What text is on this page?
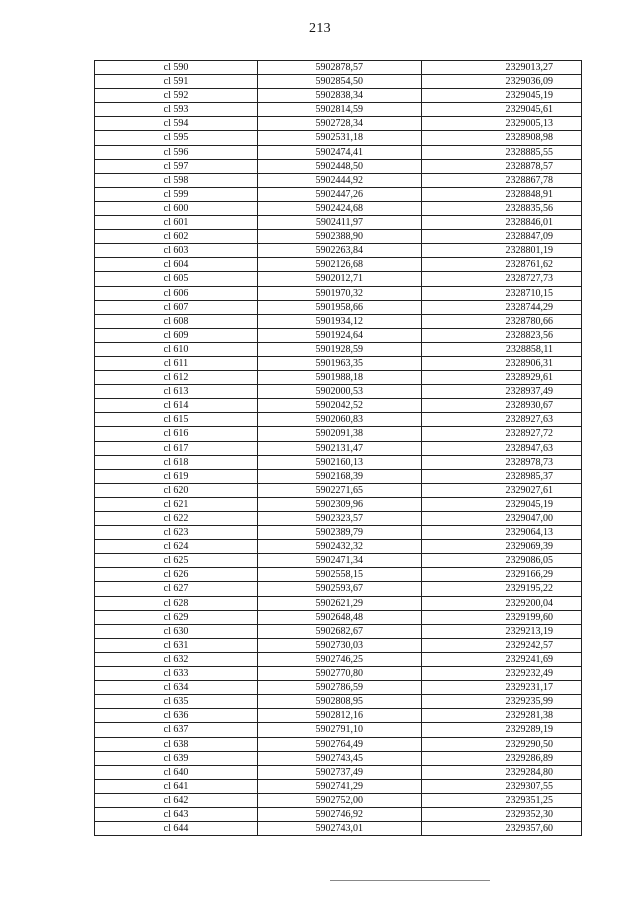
213
cl 590	5902878,57	2329013,27
cl 591	5902854,50	2329036,09
cl 592	5902838,34	2329045,19
cl 593	5902814,59	2329045,61
cl 594	5902728,34	2329005,13
cl 595	5902531,18	2328908,98
cl 596	5902474,41	2328885,55
cl 597	5902448,50	2328878,57
cl 598	5902444,92	2328867,78
cl 599	5902447,26	2328848,91
cl 600	5902424,68	2328835,56
cl 601	5902411,97	2328846,01
cl 602	5902388,90	2328847,09
cl 603	5902263,84	2328801,19
cl 604	5902126,68	2328761,62
cl 605	5902012,71	2328727,73
cl 606	5901970,32	2328710,15
cl 607	5901958,66	2328744,29
cl 608	5901934,12	2328780,66
cl 609	5901924,64	2328823,56
cl 610	5901928,59	2328858,11
cl 611	5901963,35	2328906,31
cl 612	5901988,18	2328929,61
cl 613	5902000,53	2328937,49
cl 614	5902042,52	2328930,67
cl 615	5902060,83	2328927,63
cl 616	5902091,38	2328927,72
cl 617	5902131,47	2328947,63
cl 618	5902160,13	2328978,73
cl 619	5902168,39	2328985,37
cl 620	5902271,65	2329027,61
cl 621	5902309,96	2329045,19
cl 622	5902323,57	2329047,00
cl 623	5902389,79	2329064,13
cl 624	5902432,32	2329069,39
cl 625	5902471,34	2329086,05
cl 626	5902558,15	2329166,29
cl 627	5902593,67	2329195,22
cl 628	5902621,29	2329200,04
cl 629	5902648,48	2329199,60
cl 630	5902682,67	2329213,19
cl 631	5902730,03	2329242,57
cl 632	5902746,25	2329241,69
cl 633	5902770,80	2329232,49
cl 634	5902786,59	2329231,17
cl 635	5902808,95	2329235,99
cl 636	5902812,16	2329281,38
cl 637	5902791,10	2329289,19
cl 638	5902764,49	2329290,50
cl 639	5902743,45	2329286,89
cl 640	5902737,49	2329284,80
cl 641	5902741,29	2329307,55
cl 642	5902752,00	2329351,25
cl 643	5902746,92	2329352,30
cl 644	5902743,01	2329357,60
